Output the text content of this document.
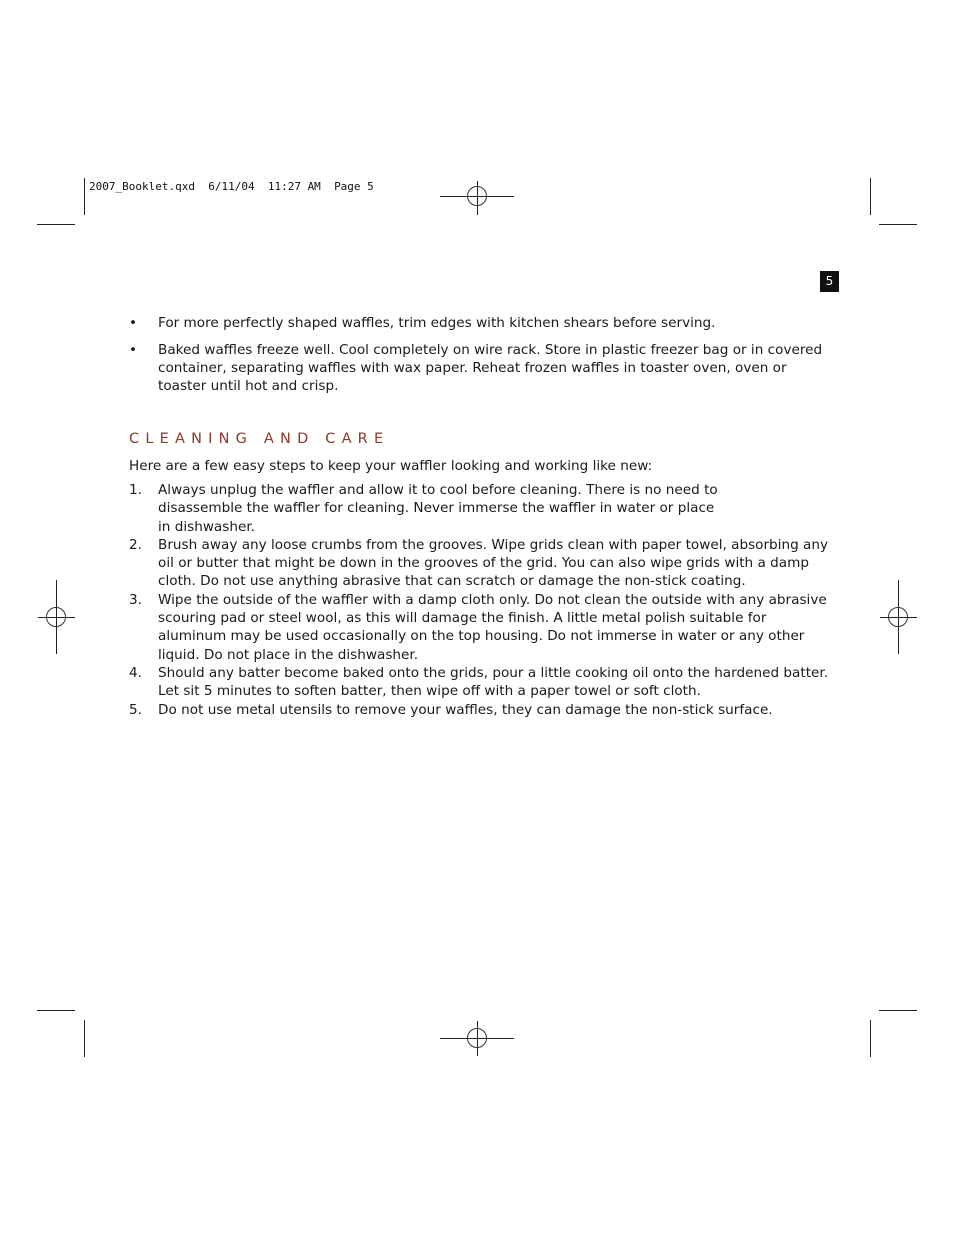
2007_Booklet.qxd 6/11/04 11:27 AM Page 5
5
• For more perfectly shaped waffles, trim edges with kitchen shears before serving.
• Baked waffles freeze well. Cool completely on wire rack. Store in plastic freezer bag or in covered container, separating waffles with wax paper. Reheat frozen waffles in toaster oven, oven or toaster until hot and crisp.
CLEANING AND CARE
Here are a few easy steps to keep your waffler looking and working like new:
1. Always unplug the waffler and allow it to cool before cleaning. There is no need to
disassemble the waffler for cleaning. Never immerse the waffler in water or place
in dishwasher.
2. Brush away any loose crumbs from the grooves. Wipe grids clean with paper towel, absorbing any oil or butter that might be down in the grooves of the grid. You can also wipe grids with a damp cloth. Do not use anything abrasive that can scratch or damage the non-stick coating.
3. Wipe the outside of the waffler with a damp cloth only. Do not clean the outside with any abrasive scouring pad or steel wool, as this will damage the finish. A little metal polish suitable for aluminum may be used occasionally on the top housing. Do not immerse in water or any other liquid. Do not place in the dishwasher.
4. Should any batter become baked onto the grids, pour a little cooking oil onto the hardened batter. Let sit 5 minutes to soften batter, then wipe off with a paper towel or soft cloth.
5. Do not use metal utensils to remove your waffles, they can damage the non-stick surface.
